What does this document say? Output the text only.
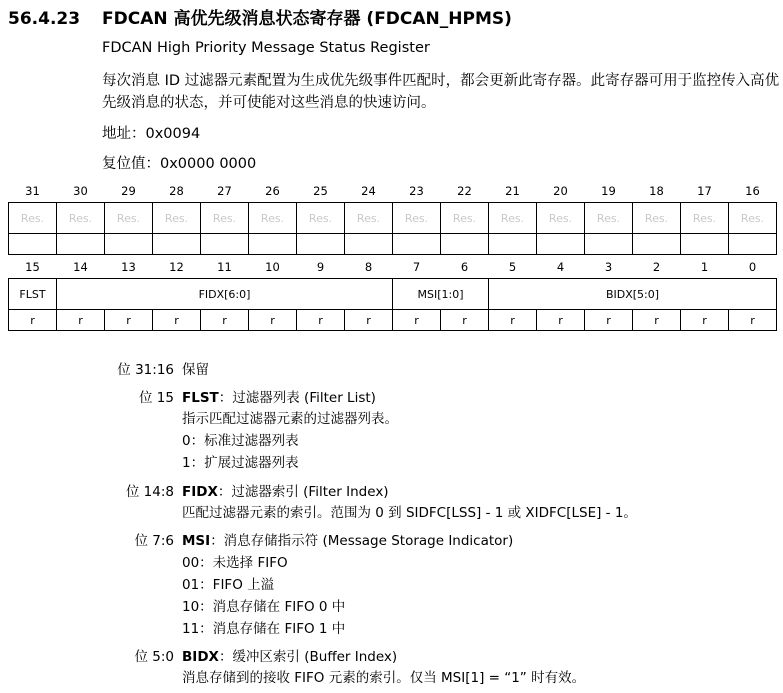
56.4.23 FDCAN 高优先级消息状态寄存器 (FDCAN_HPMS)
FDCAN High Priority Message Status Register
每次消息 ID 过滤器元素配置为生成优先级事件匹配时，都会更新此寄存器。此寄存器可用于监控传入高优先级消息的状态，并可使能对这些消息的快速访问。
地址：0x0094
复位值：0x0000 0000
31	30	29	28	27	26	25	24	23	22	21	20	19	18	17	16
Res.	Res.	Res.	Res.	Res.	Res.	Res.	Res.	Res.	Res.	Res.	Res.	Res.	Res.	Res.	Res.

15	14	13	12	11	10	9	8	7	6	5	4	3	2	1	0
FLST	FIDX[6:0]							MSI[1:0]		BIDX[5:0]					
r	r	r	r	r	r	r	r	r	r	r	r	r	r	r	r
位 31:16 保留
位 15 FLST：过滤器列表 (Filter List)
指示匹配过滤器元素的过滤器列表。
0：标准过滤器列表
1：扩展过滤器列表
位 14:8 FIDX：过滤器索引 (Filter Index)
匹配过滤器元素的索引。范围为 0 到 SIDFC[LSS] - 1 或 XIDFC[LSE] - 1。
位 7:6 MSI：消息存储指示符 (Message Storage Indicator)
00：未选择 FIFO
01：FIFO 上溢
10：消息存储在 FIFO 0 中
11：消息存储在 FIFO 1 中
位 5:0 BIDX：缓冲区索引 (Buffer Index)
消息存储到的接收 FIFO 元素的索引。仅当 MSI[1] = “1” 时有效。
